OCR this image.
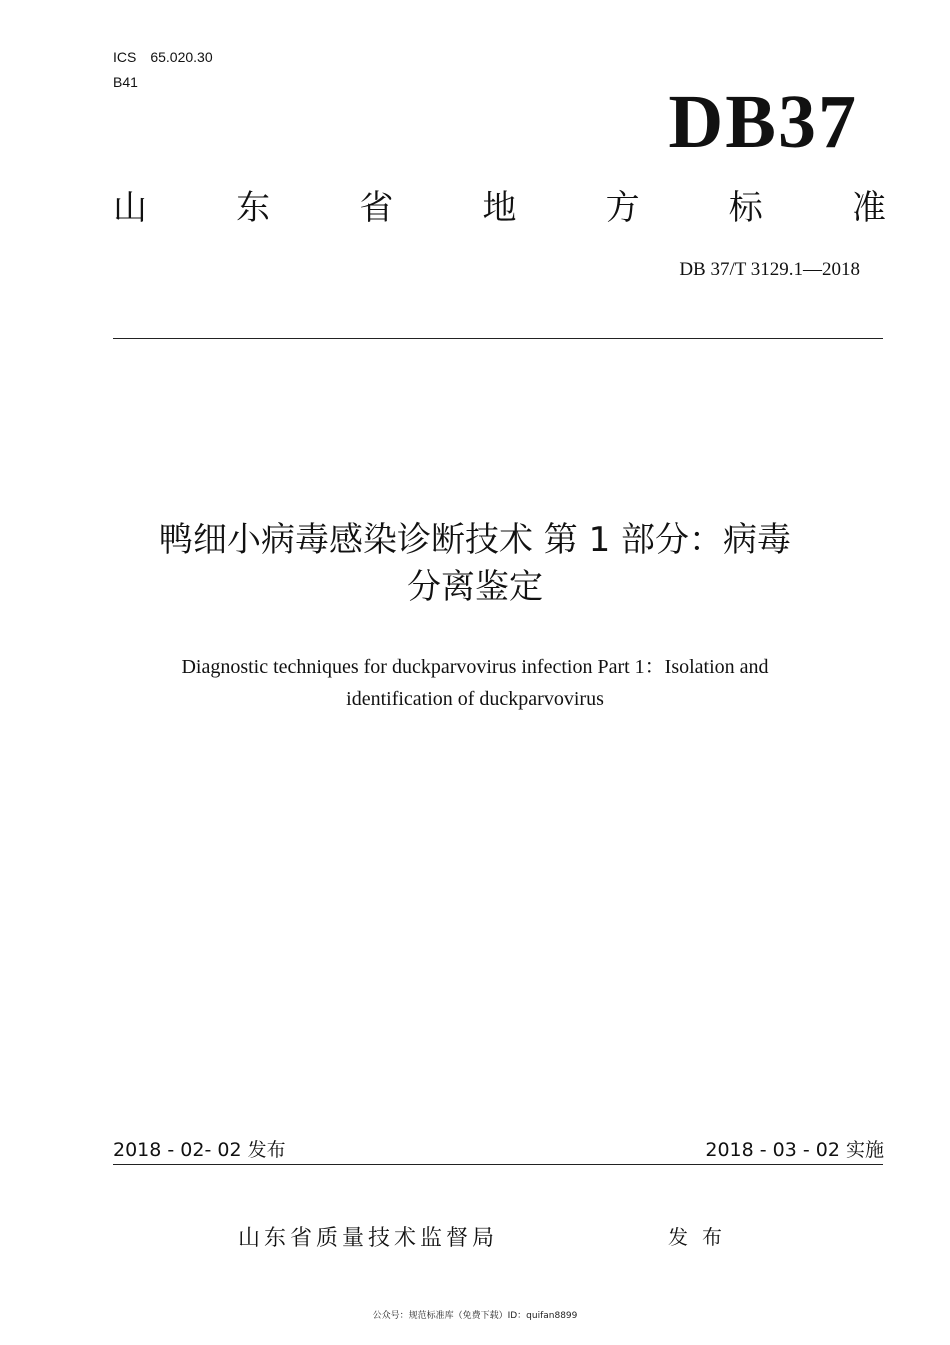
ICS 65.020.30
B41	DB37
山	东	省	地	方	标	准
DB 37/T 3129.1—2018
鸭细小病毒感染诊断技术 第 1 部分：病毒
分离鉴定
Diagnostic techniques for duckparvovirus infection Part 1：Isolation and
identification of duckparvovirus
2018 - 02- 02 发布	2018 - 03 - 02 实施
山东省质量技术监督局	发布
公众号：规范标准库（免费下载）ID：quifan8899
